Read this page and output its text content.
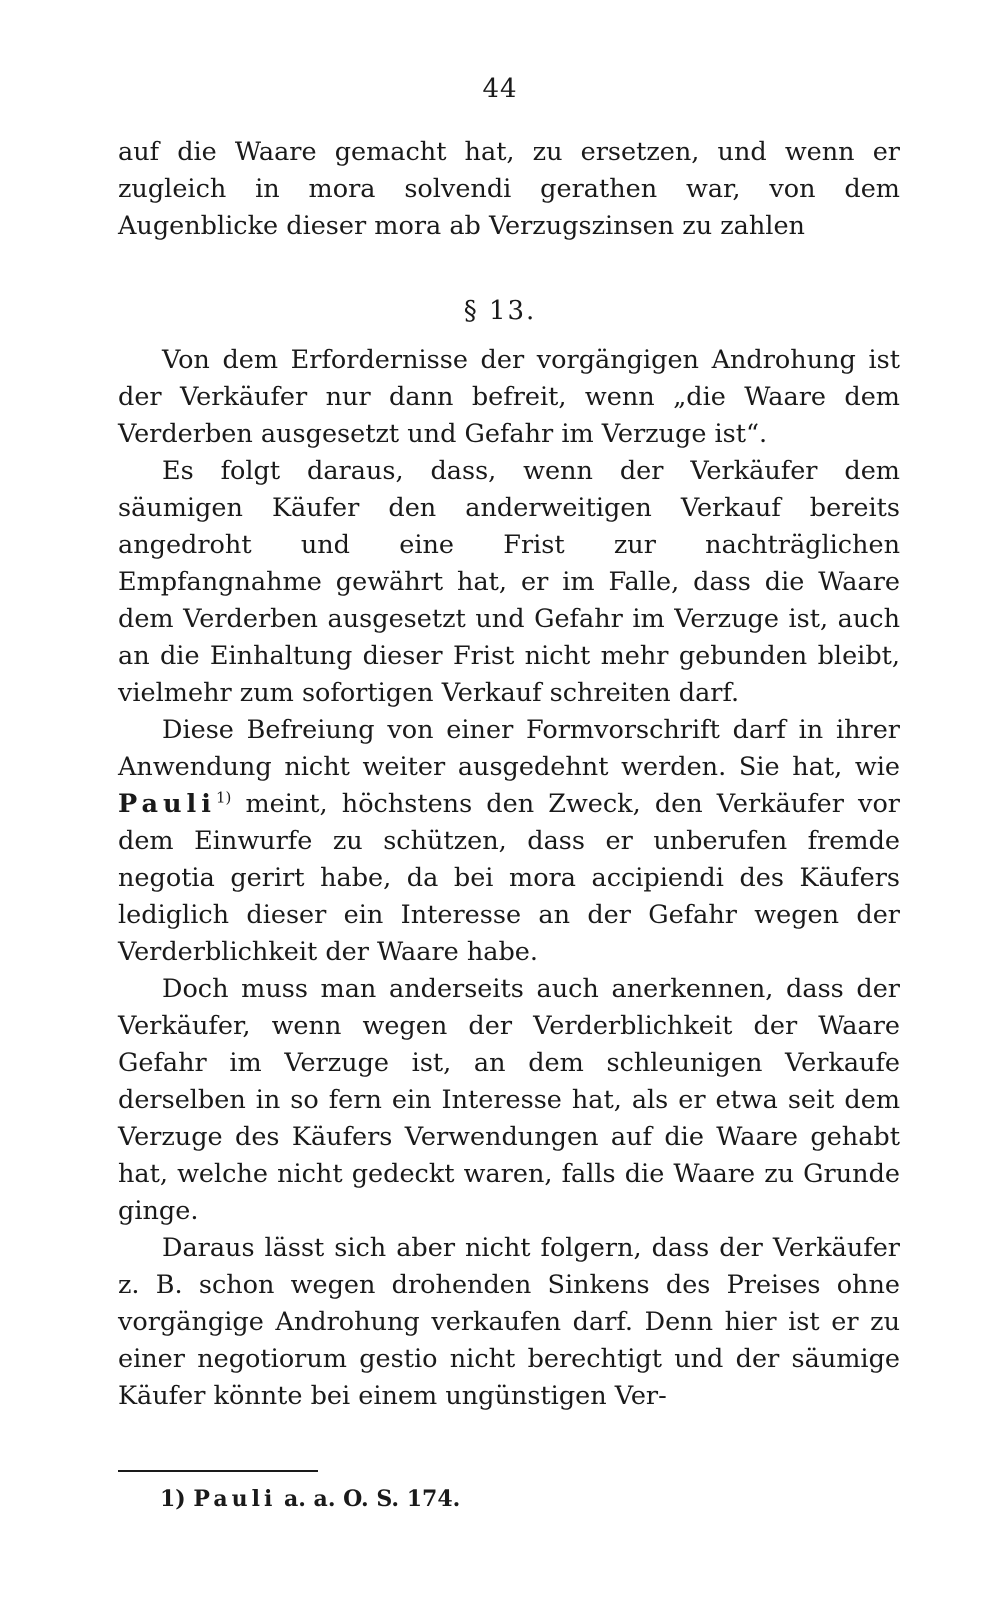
44

auf die Waare gemacht hat, zu ersetzen, und wenn er zugleich in mora solvendi gerathen war, von dem Augenblicke dieser mora ab Verzugszinsen zu zahlen

§ 13.

Von dem Erfordernisse der vorgängigen Androhung ist der Verkäufer nur dann befreit, wenn „die Waare dem Verderben ausgesetzt und Gefahr im Verzuge ist“.

Es folgt daraus, dass, wenn der Verkäufer dem säumigen Käufer den anderweitigen Verkauf bereits angedroht und eine Frist zur nachträglichen Empfangnahme gewährt hat, er im Falle, dass die Waare dem Verderben ausgesetzt und Gefahr im Verzuge ist, auch an die Einhaltung dieser Frist nicht mehr gebunden bleibt, vielmehr zum sofortigen Verkauf schreiten darf.

Diese Befreiung von einer Formvorschrift darf in ihrer Anwendung nicht weiter ausgedehnt werden. Sie hat, wie Pauli$^{1)}$ meint, höchstens den Zweck, den Verkäufer vor dem Einwurfe zu schützen, dass er unberufen fremde negotia gerirt habe, da bei mora accipiendi des Käufers lediglich dieser ein Interesse an der Gefahr wegen der Verderblichkeit der Waare habe.

Doch muss man anderseits auch anerkennen, dass der Verkäufer, wenn wegen der Verderblichkeit der Waare Gefahr im Verzuge ist, an dem schleunigen Verkaufe derselben in so fern ein Interesse hat, als er etwa seit dem Verzuge des Käufers Verwendungen auf die Waare gehabt hat, welche nicht gedeckt waren, falls die Waare zu Grunde ginge.

Daraus lässt sich aber nicht folgern, dass der Verkäufer z. B. schon wegen drohenden Sinkens des Preises ohne vorgängige Androhung verkaufen darf. Denn hier ist er zu einer negotiorum gestio nicht berechtigt und der säumige Käufer könnte bei einem ungünstigen Ver-

1) Pauli a. a. O. S. 174.
